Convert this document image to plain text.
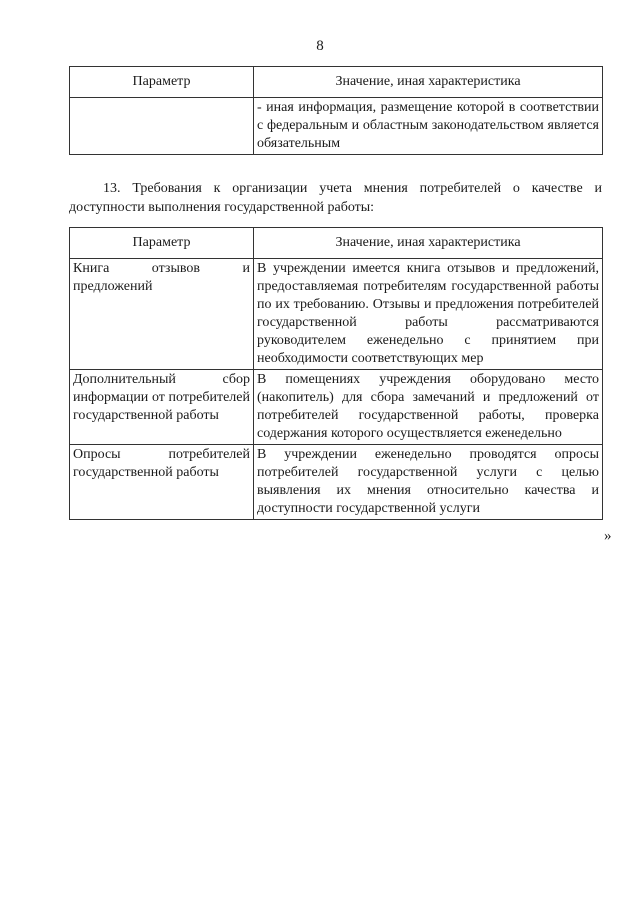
8
Параметр	Значение, иная характеристика
	- иная информация, размещение которой в соответствии с федеральным и областным законодательством является обязательным
13. Требования к организации учета мнения потребителей о качестве и доступности выполнения государственной работы:
Параметр	Значение, иная характеристика
Книга отзывов и предложений	В учреждении имеется книга отзывов и предложений, предоставляемая потребителям государственной работы по их требованию. Отзывы и предложения потребителей государственной работы рассматриваются руководителем еженедельно с принятием при необходимости соответствующих мер
Дополнительный сбор информации от потребителей государственной работы	В помещениях учреждения оборудовано место (накопитель) для сбора замечаний и предложений от потребителей государственной работы, проверка содержания которого осуществляется еженедельно
Опросы потребителей государственной работы	В учреждении еженедельно проводятся опросы потребителей государственной услуги с целью выявления их мнения относительно качества и доступности государственной услуги
»
